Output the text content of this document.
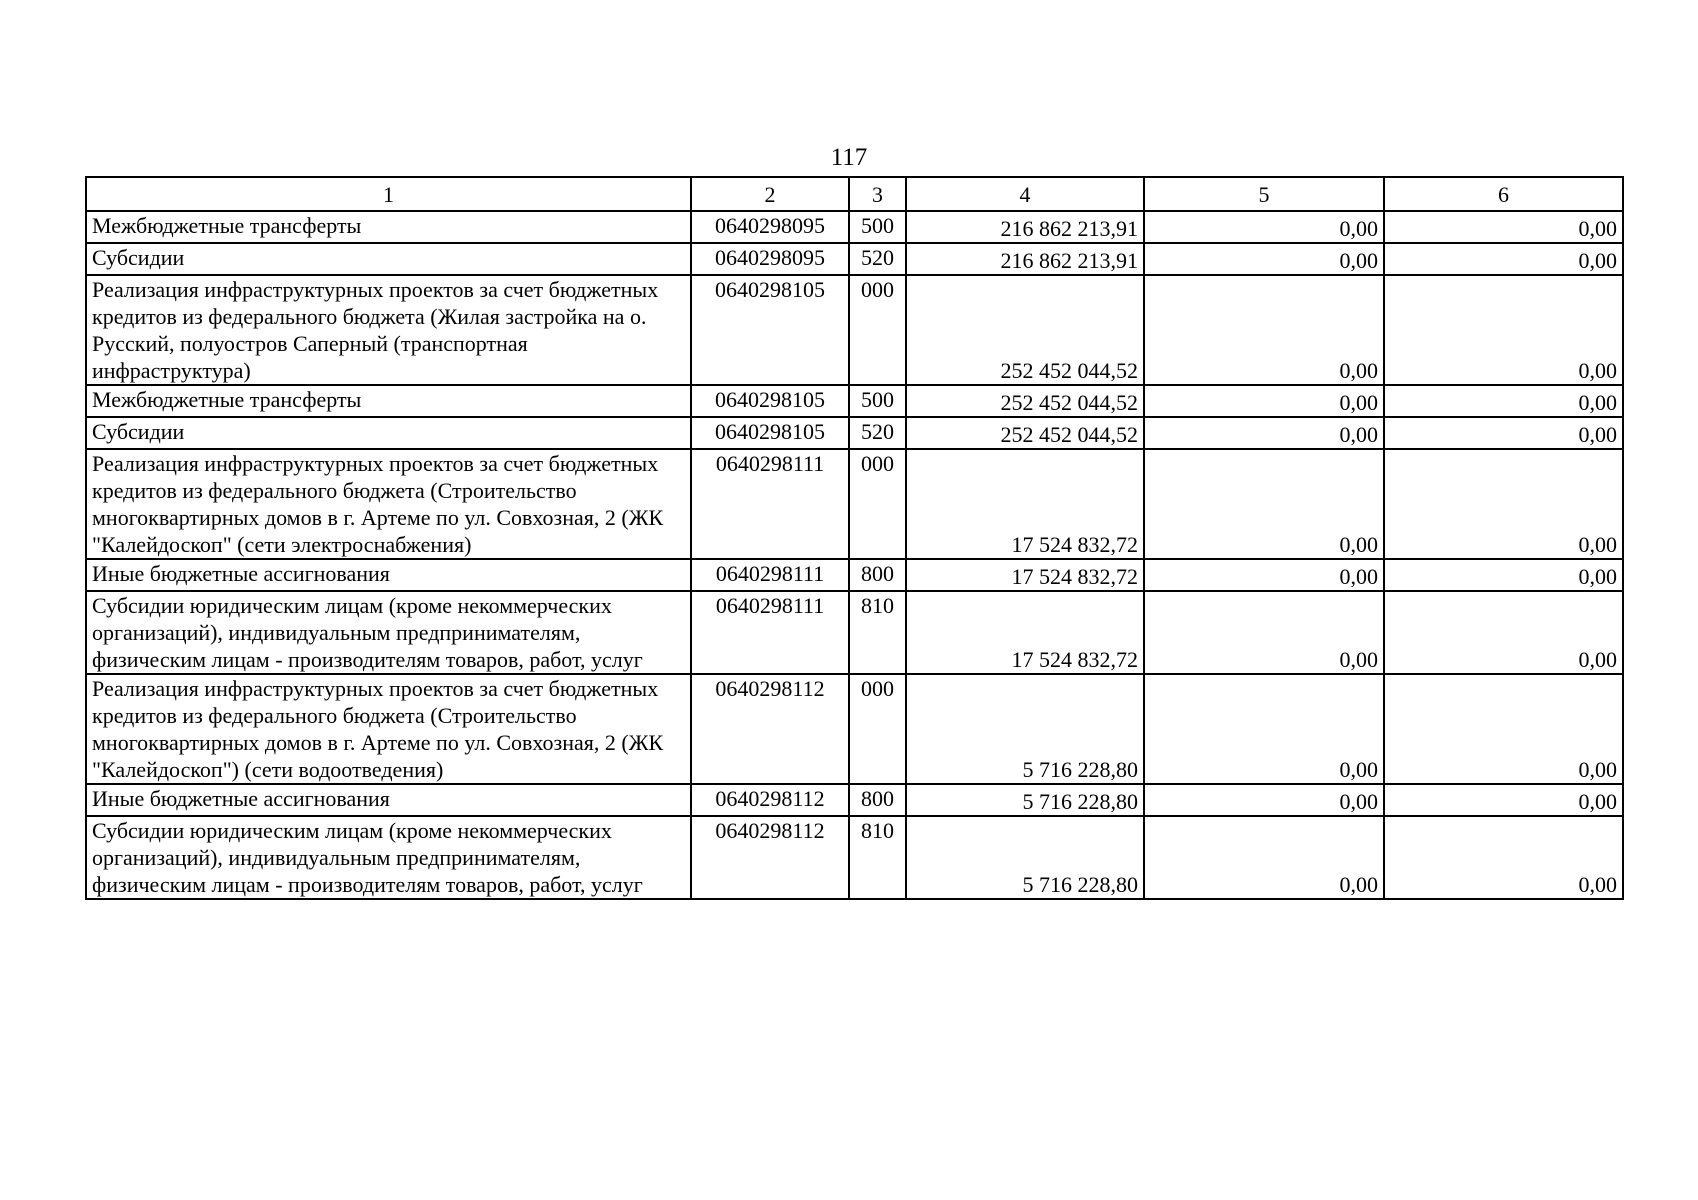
117
1	2	3	4	5	6
Межбюджетные трансферты	0640298095	500	216 862 213,91	0,00	0,00
Субсидии	0640298095	520	216 862 213,91	0,00	0,00
Реализация инфраструктурных проектов за счет бюджетных кредитов из федерального бюджета (Жилая застройка на о. Русский, полуостров Саперный (транспортная инфраструктура)	0640298105	000	252 452 044,52	0,00	0,00
Межбюджетные трансферты	0640298105	500	252 452 044,52	0,00	0,00
Субсидии	0640298105	520	252 452 044,52	0,00	0,00
Реализация инфраструктурных проектов за счет бюджетных кредитов из федерального бюджета (Строительство многоквартирных домов в г. Артеме по ул. Совхозная, 2 (ЖК "Калейдоскоп" (сети электроснабжения)	0640298111	000	17 524 832,72	0,00	0,00
Иные бюджетные ассигнования	0640298111	800	17 524 832,72	0,00	0,00
Субсидии юридическим лицам (кроме некоммерческих организаций), индивидуальным предпринимателям, физическим лицам - производителям товаров, работ, услуг	0640298111	810	17 524 832,72	0,00	0,00
Реализация инфраструктурных проектов за счет бюджетных кредитов из федерального бюджета (Строительство многоквартирных домов в г. Артеме по ул. Совхозная, 2 (ЖК "Калейдоскоп") (сети водоотведения)	0640298112	000	5 716 228,80	0,00	0,00
Иные бюджетные ассигнования	0640298112	800	5 716 228,80	0,00	0,00
Субсидии юридическим лицам (кроме некоммерческих организаций), индивидуальным предпринимателям, физическим лицам - производителям товаров, работ, услуг	0640298112	810	5 716 228,80	0,00	0,00
